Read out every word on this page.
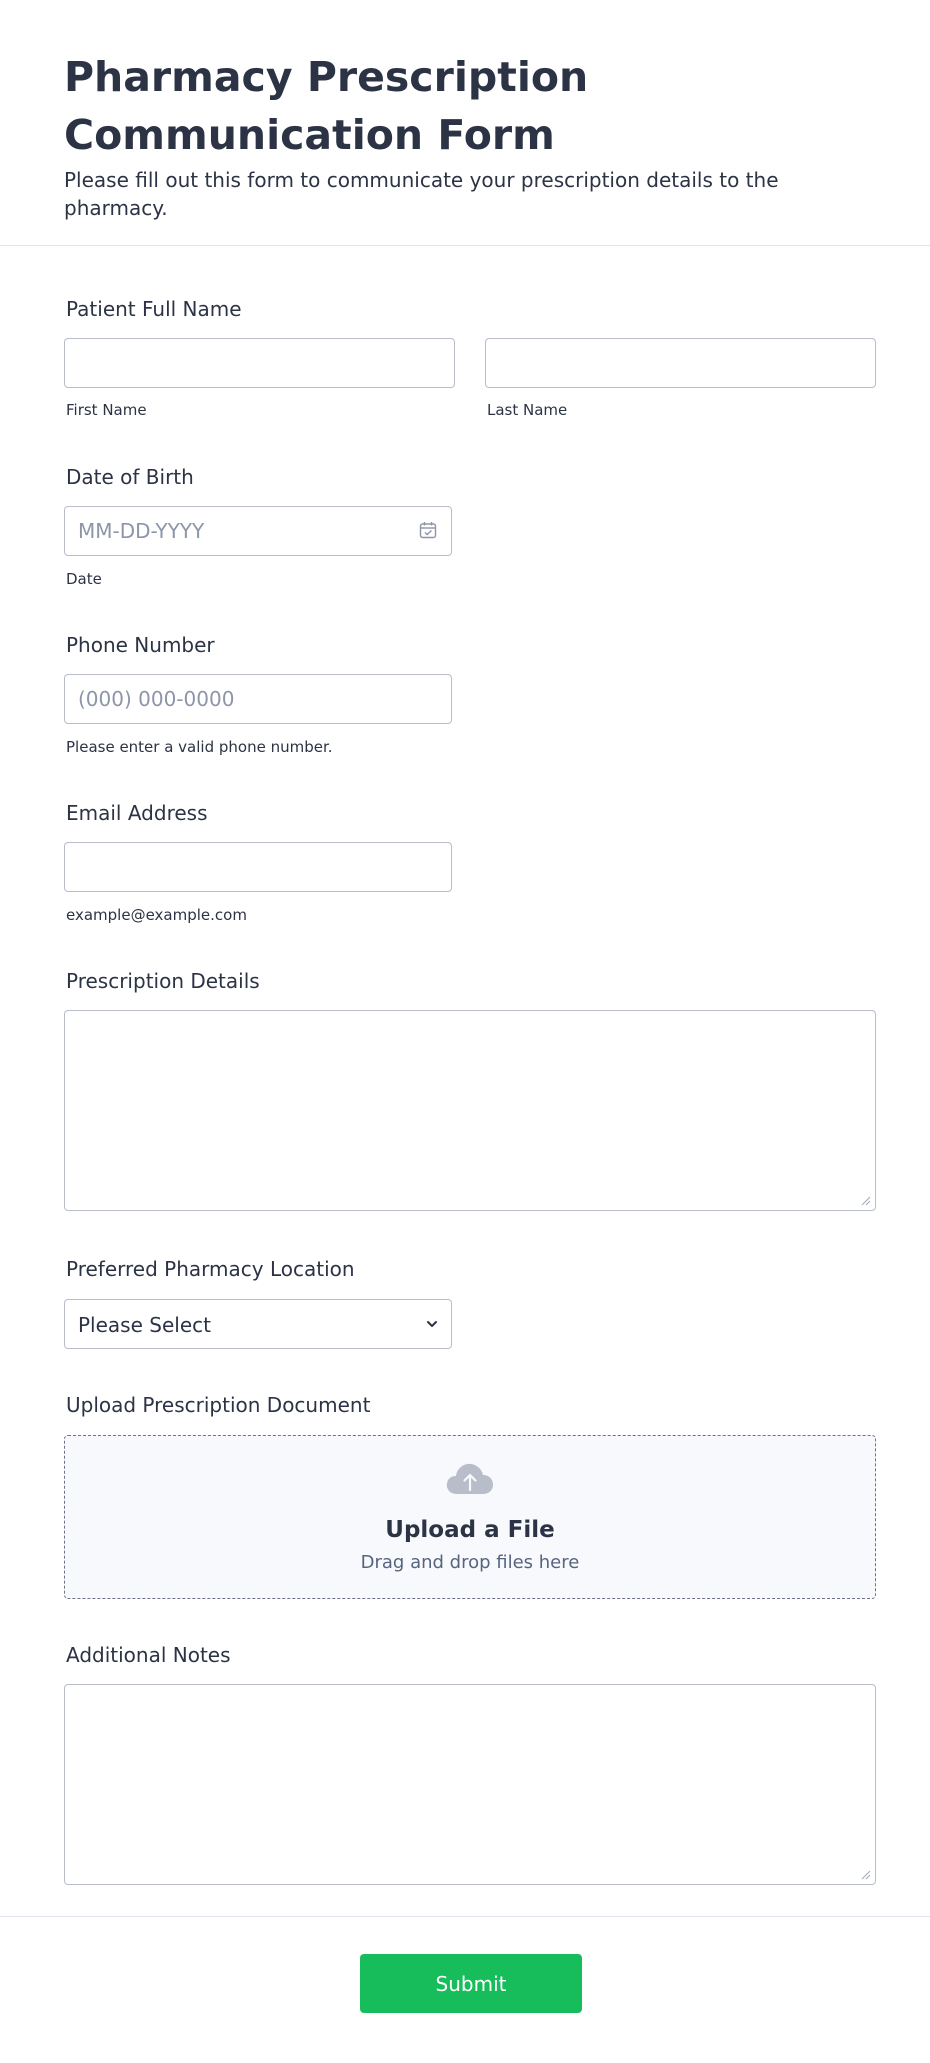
Pharmacy Prescription Communication Form

Please fill out this form to communicate your prescription details to the pharmacy.

Patient Full Name
First Name	Last Name
Date of Birth
MM-DD-YYYY
Date
Phone Number
(000) 000-0000
Please enter a valid phone number.
Email Address
example@example.com
Prescription Details
Preferred Pharmacy Location
Please Select
Upload Prescription Document
Upload a File
Drag and drop files here
Additional Notes
Submit
